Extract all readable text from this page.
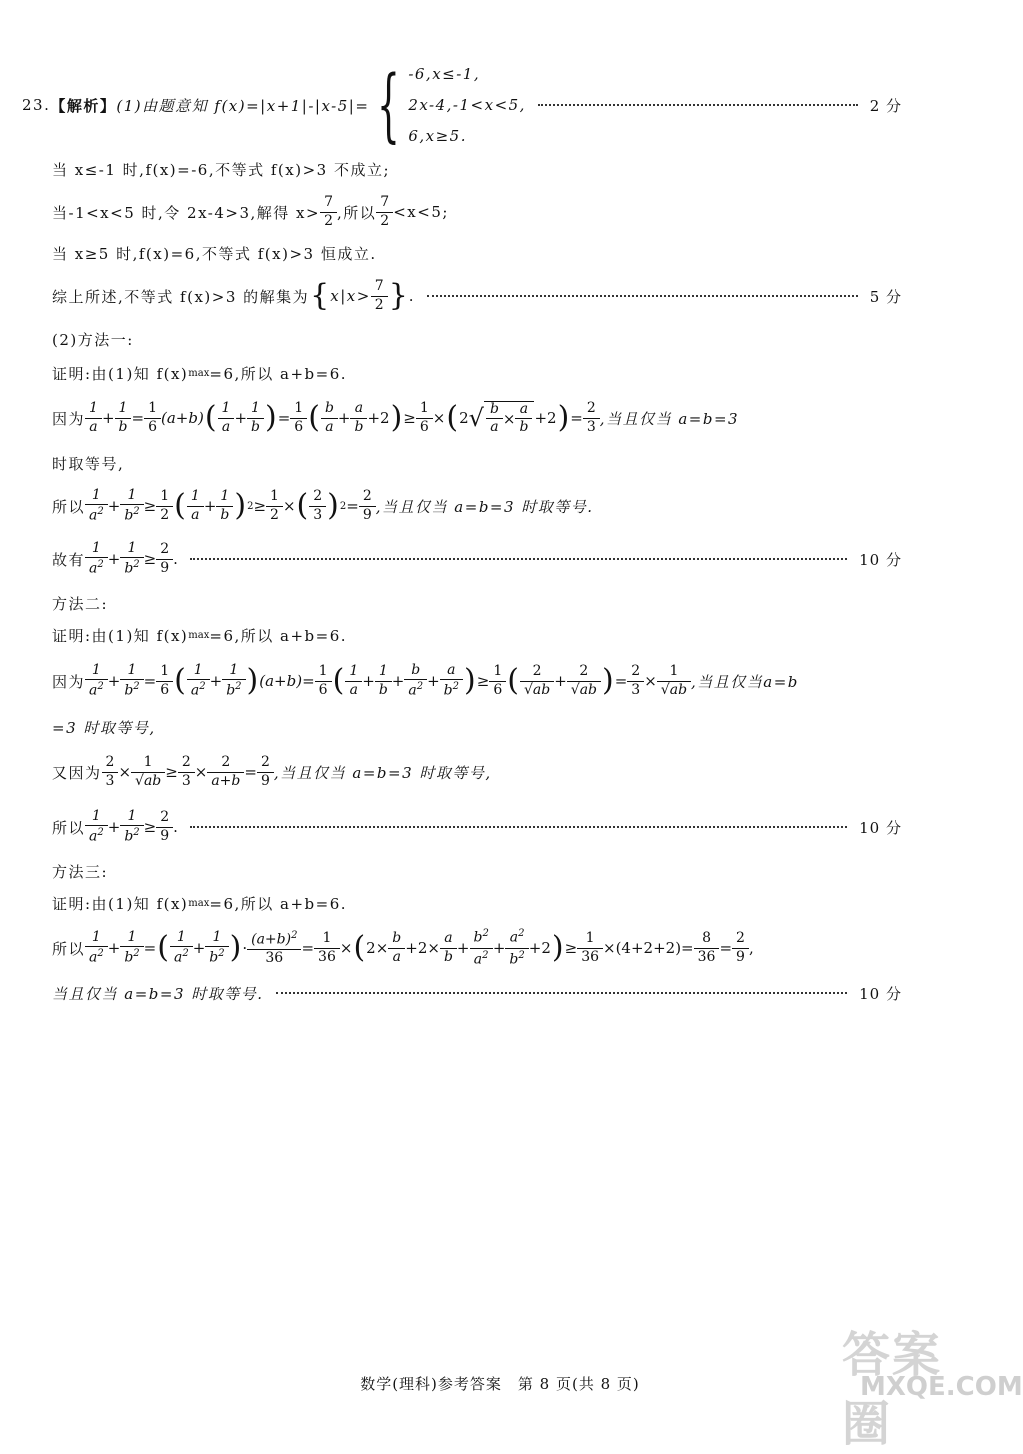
23. 【解析】 (1)由题意知 f(x)=|x+1|-|x-5|= { -6,x≤-1,
2x-4,-1<x<5,
6,x≥5.
2 分
当 x≤-1 时,f(x)=-6,不等式 f(x)>3 不成立;
当-1<x<5 时,令 2x-4>3,解得 x>
7
2 ,所以
7
2 <x<5;
当 x≥5 时,f(x)=6,不等式 f(x)>3 恒成立.
综上所述,不等式 f(x)>3 的解集为 { x|x>
7
2 } .	5 分
(2)方法一:
证明:由(1)知 f(x) max =6,所以 a+b=6.
因为
1
a +
1
b =
1
6 (a+b) ( 1
a +
1
b ) =
1
6 ( b
a +
a
b +2 ) ≥
1
6 × ( 2 √ b
a ×
a
b +2 ) =
2
3 ,当且仅当 a=b=3
时取等号,
所以
1
$a^2$ +
1
$b^2$ ≥
1
2 ( 1
a +
1
b ) 2 ≥
1
2 × ( 2
3 ) 2 =
2
9 ,当且仅当 a=b=3 时取等号.
故有
1
$a^2$ +
1
$b^2$ ≥
2
9 .	10 分
方法二:
证明:由(1)知 f(x) max =6,所以 a+b=6.
因为
1
$a^2$ +
1
$b^2$ =
1
6 ( 1
$a^2$ +
1
$b^2$ ) (a+b) =
1
6 ( 1
a +
1
b +
b
$a^2$ +
a
$b^2$ ) ≥
1
6 ( 2
√ab +
2
√ab ) =
2
3 ×
1
√ab ,当且仅当a=b
=3 时取等号,
又因为
2
3 ×
1
√ab ≥
2
3 ×
2
a+b =
2
9 ,当且仅当 a=b=3 时取等号,
所以
1
$a^2$ +
1
$b^2$ ≥
2
9 .	10 分
方法三:
证明:由(1)知 f(x) max =6,所以 a+b=6.
所以
1
$a^2$ +
1
$b^2$ = ( 1
$a^2$ +
1
$b^2$ ) · $(a+b)^2$
36
=
1
36 × ( 2×
b
a +2×
a
b +
$b^2$
$a^2$ +
$a^2$
$b^2 +2$ ) ≥
1
36 ×(4+2+2)=
8
36 =
2
9 ,
当且仅当 a=b=3 时取等号.	10 分
数学(理科)参考答案　第 8 页(共 8 页)
答案圈
MXQE.COM
